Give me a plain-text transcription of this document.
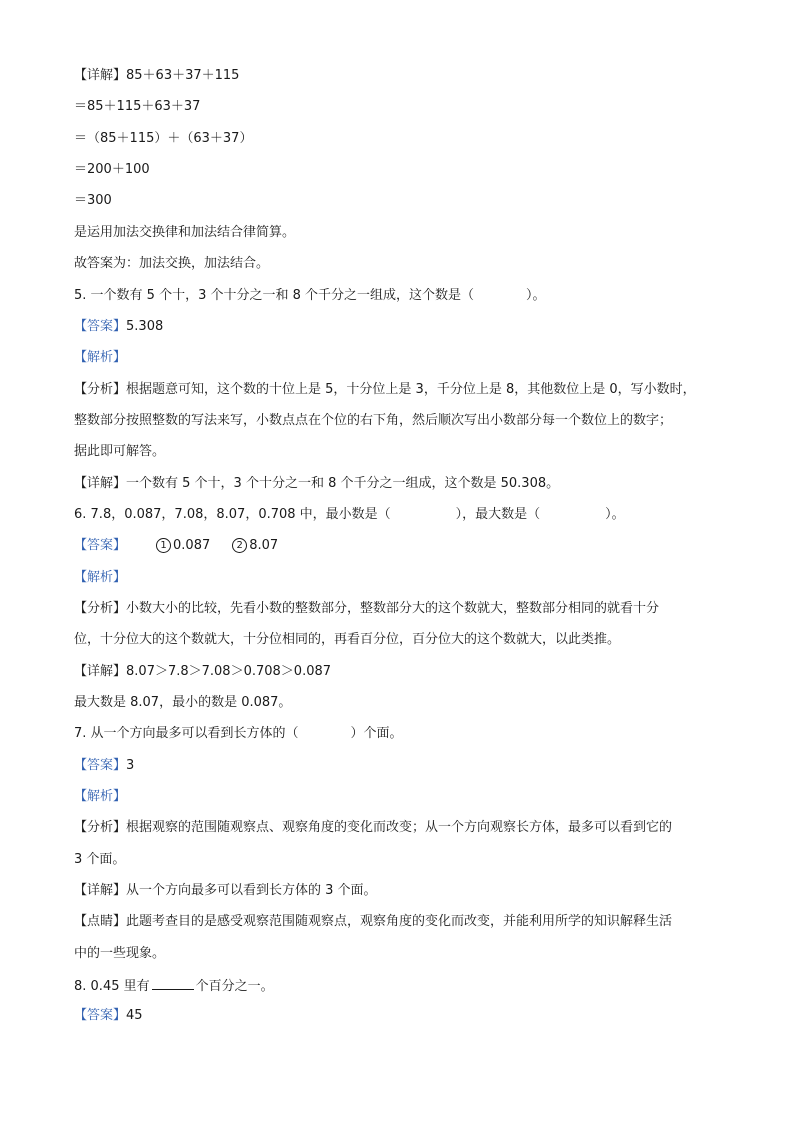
【详解】85＋63＋37＋115
＝85＋115＋63＋37
＝（85＋115）＋（63＋37）
＝200＋100
＝300
是运用加法交换律和加法结合律简算。
故答案为：加法交换，加法结合。
5. 一个数有 5 个十，3 个十分之一和 8 个千分之一组成，这个数是（　　　　）。
【答案】5.308
【解析】
【分析】根据题意可知，这个数的十位上是 5，十分位上是 3，千分位上是 8，其他数位上是 0，写小数时，
整数部分按照整数的写法来写，小数点点在个位的右下角，然后顺次写出小数部分每一个数位上的数字；
据此即可解答。
【详解】一个数有 5 个十，3 个十分之一和 8 个千分之一组成，这个数是 50.308。
6. 7.8，0.087，7.08，8.07，0.708 中，最小数是（　　　　　），最大数是（　　　　　）。
【答案】	1 0.087	2 8.07
【解析】
【分析】小数大小的比较，先看小数的整数部分，整数部分大的这个数就大，整数部分相同的就看十分
位，十分位大的这个数就大，十分位相同的，再看百分位，百分位大的这个数就大，以此类推。
【详解】8.07＞7.8＞7.08＞0.708＞0.087
最大数是 8.07，最小的数是 0.087。
7. 从一个方向最多可以看到长方体的（　　　　）个面。
【答案】3
【解析】
【分析】根据观察的范围随观察点、观察角度的变化而改变；从一个方向观察长方体，最多可以看到它的
3 个面。
【详解】从一个方向最多可以看到长方体的 3 个面。
【点睛】此题考查目的是感受观察范围随观察点，观察角度的变化而改变，并能利用所学的知识解释生活
中的一些现象。
8. 0.45 里有	个百分之一。
【答案】45
